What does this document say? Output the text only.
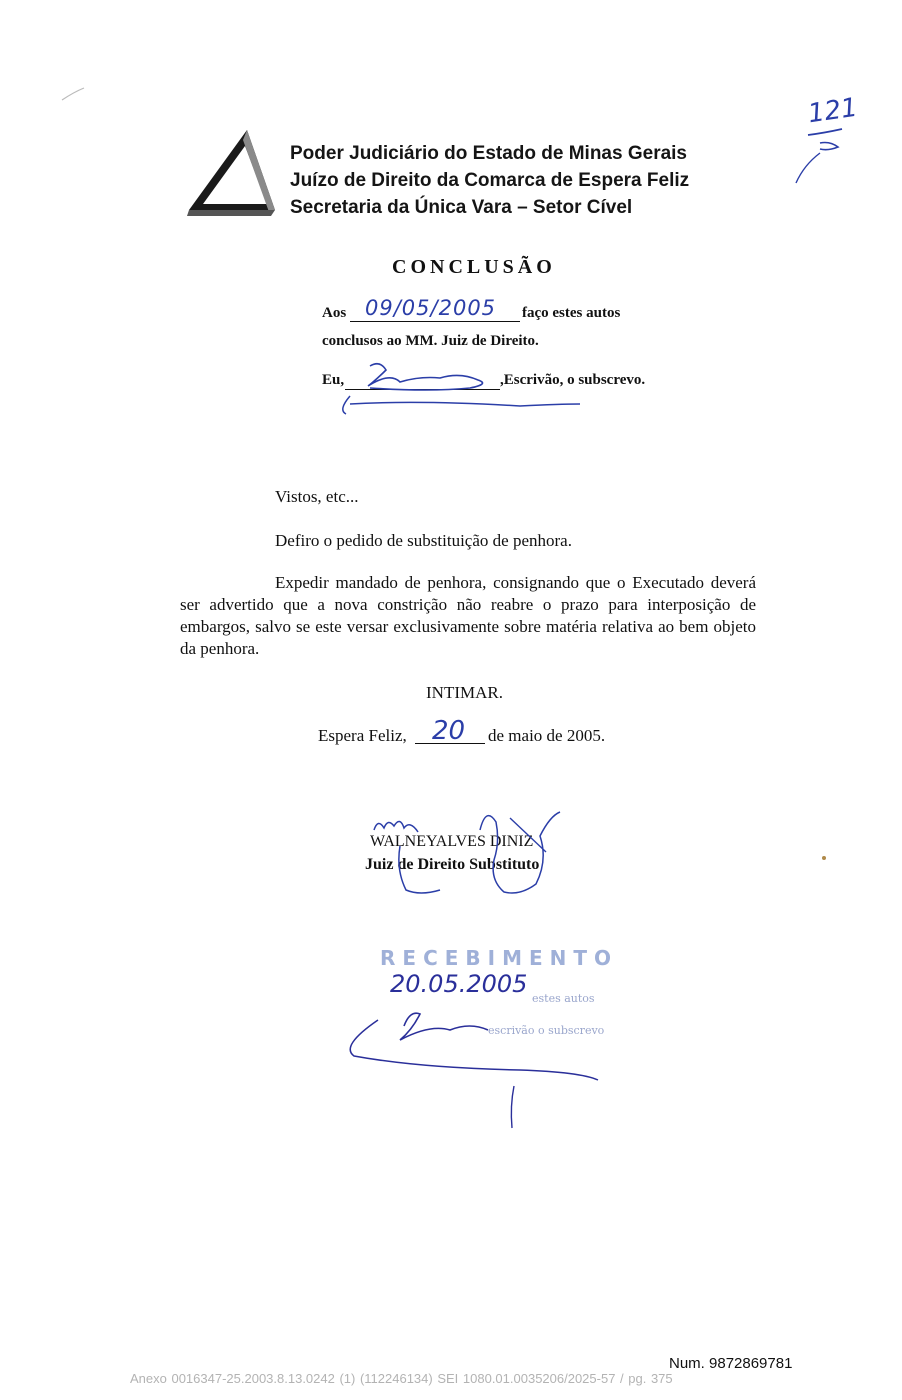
Poder Judiciário do Estado de Minas Gerais
Juízo de Direito da Comarca de Espera Feliz
Secretaria da Única Vara – Setor Cível
121
CONCLUSÃO
Aos 09/05/2005 faço estes autos
conclusos ao MM. Juiz de Direito.
Eu,	,Escrivão, o subscrevo.
Vistos, etc...
Defiro o pedido de substituição de penhora.

Expedir mandado de penhora, consignando que o Executado deverá ser advertido que a nova constrição não reabre o prazo para interposição de embargos, salvo se este versar exclusivamente sobre matéria relativa ao bem objeto da penhora.

INTIMAR.
Espera Feliz, 20 de maio de 2005.
WALNEYALVES DINIZ
Juiz de Direito Substituto
RECEBIMENTO
20.05.2005
estes autos
escrivão o subscrevo
Num. 9872869781
Anexo 0016347-25.2003.8.13.0242 (1) (112246134) SEI 1080.01.0035206/2025-57 / pg. 375
